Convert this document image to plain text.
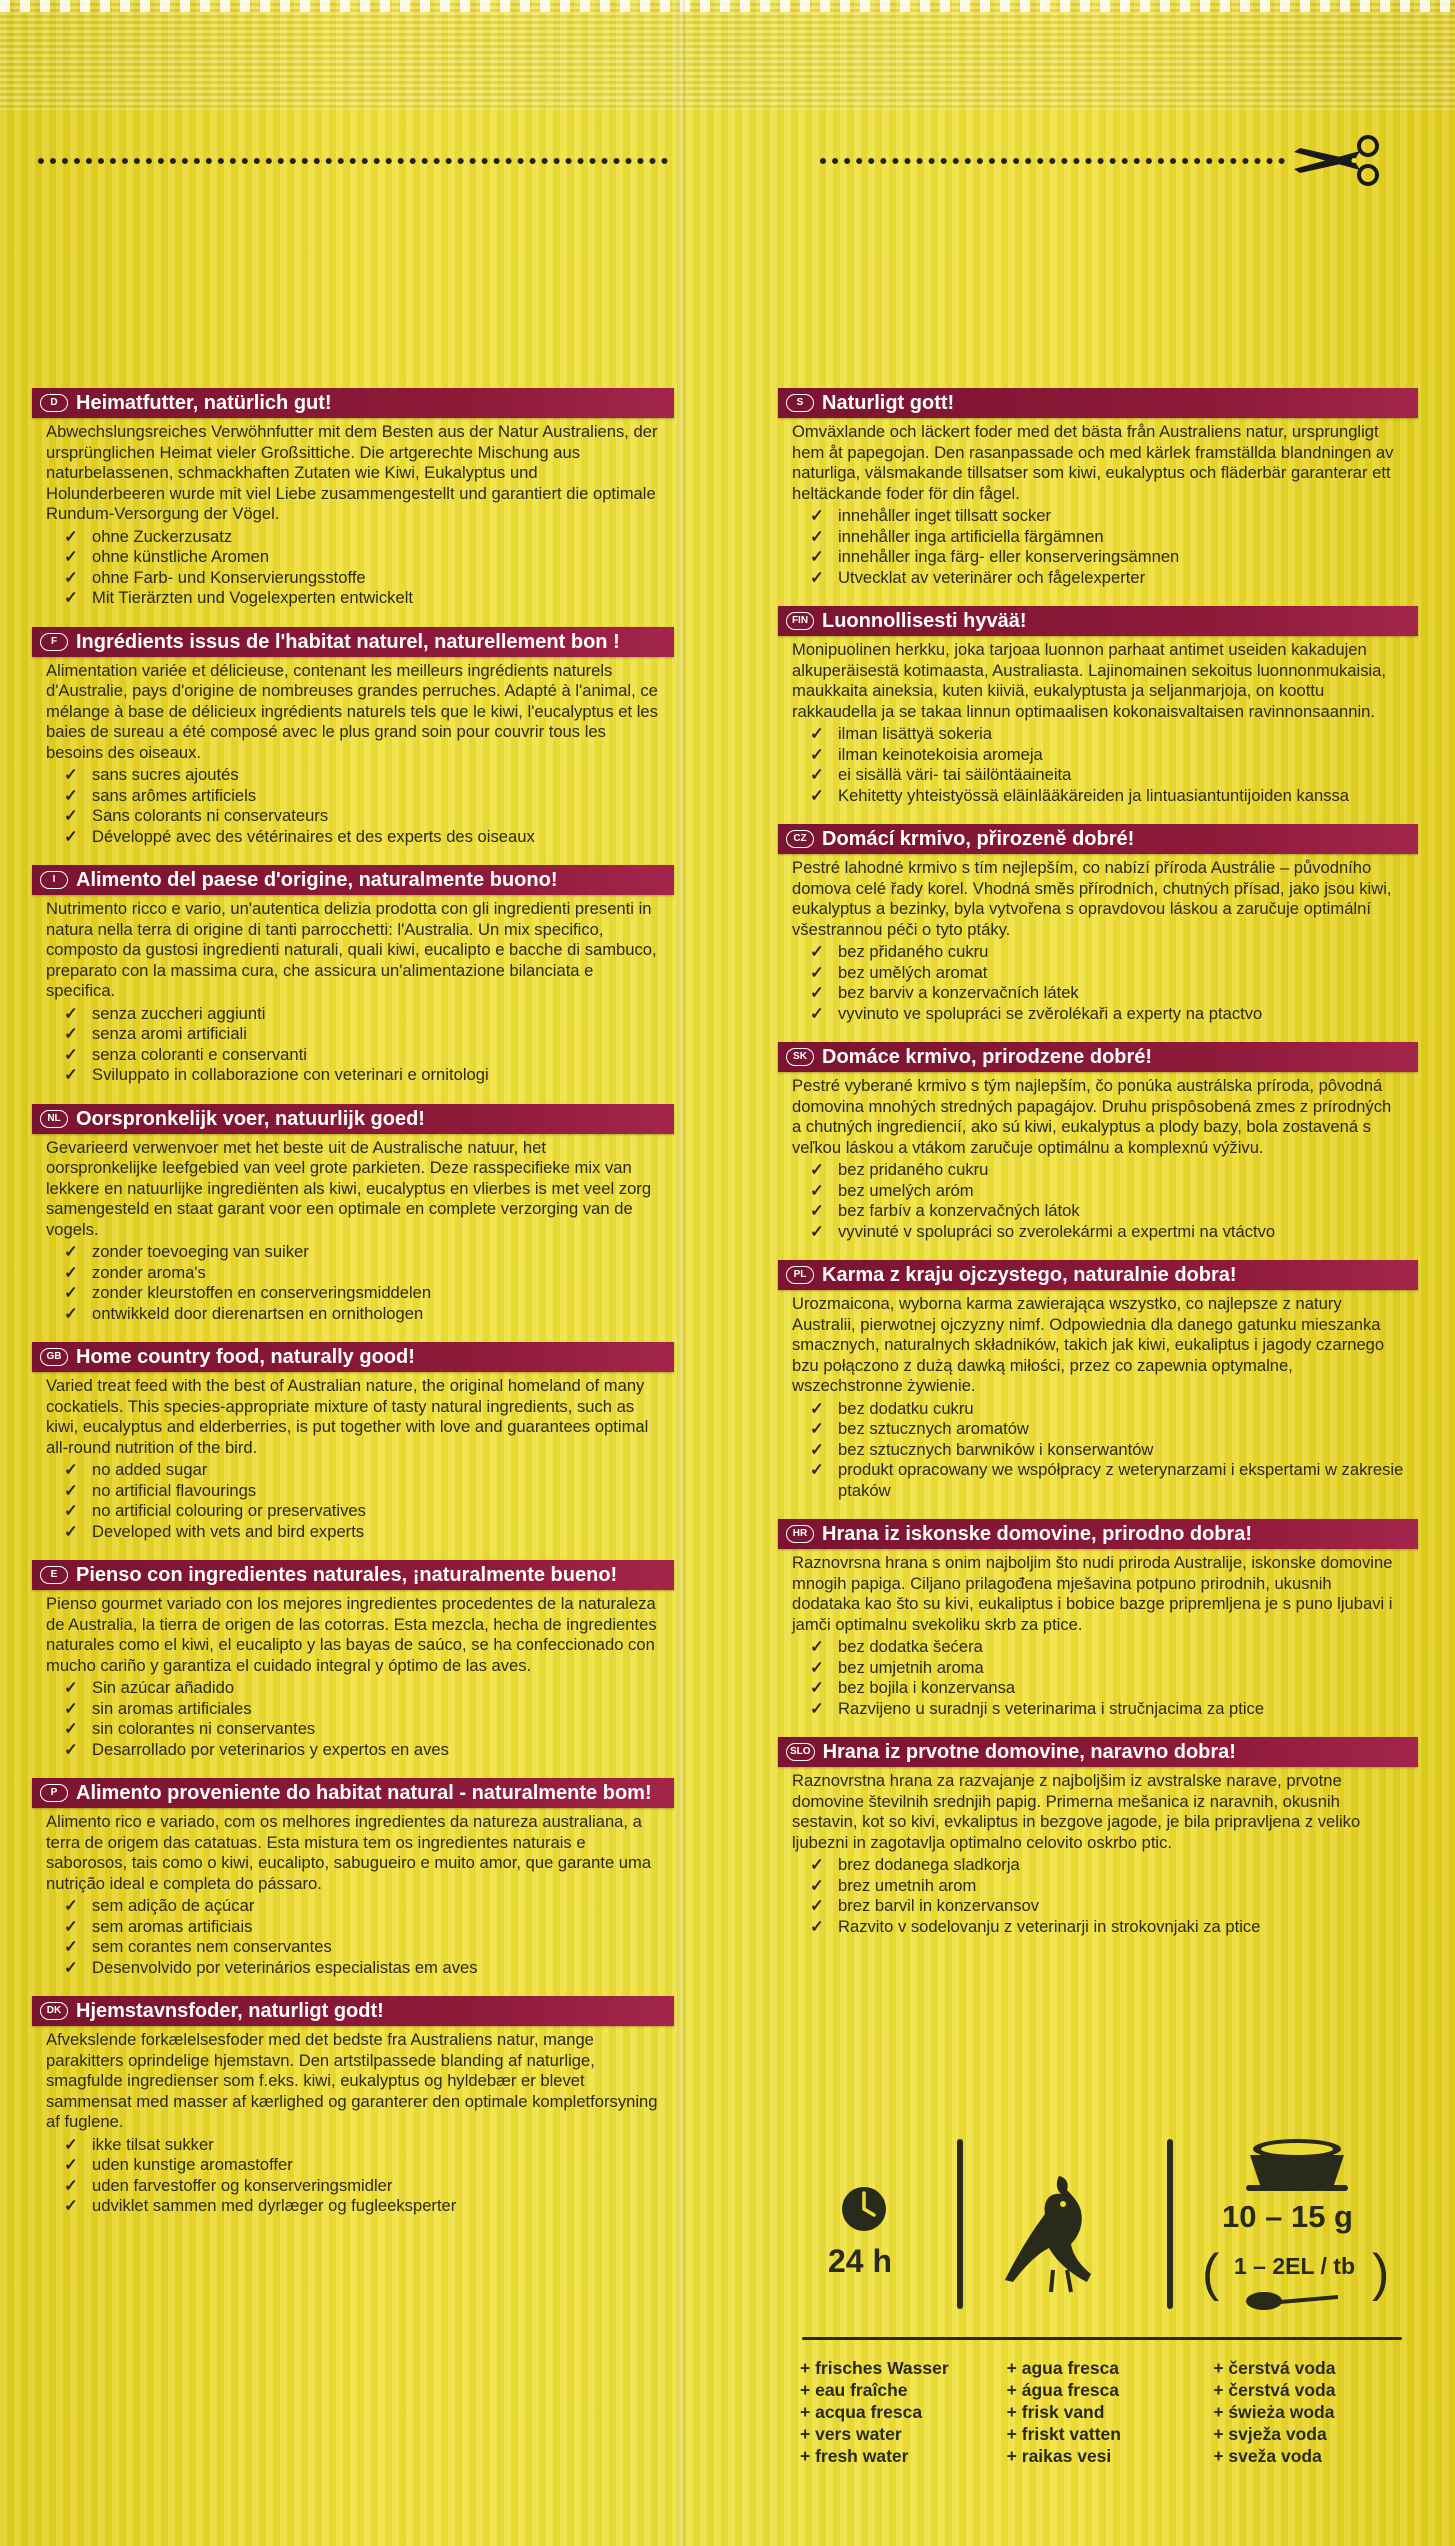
D Heimatfutter, natürlich gut!

Abwechslungsreiches Verwöhnfutter mit dem Besten aus der Natur Australiens, der ursprünglichen Heimat vieler Großsittiche. Die artgerechte Mischung aus naturbelassenen, schmackhaften Zutaten wie Kiwi, Eukalyptus und Holunderbeeren wurde mit viel Liebe zusammengestellt und garantiert die optimale Rundum-Versorgung der Vögel.

✓ ohne Zuckerzusatz
✓ ohne künstliche Aromen
✓ ohne Farb- und Konservierungsstoffe
✓ Mit Tierärzten und Vogelexperten entwickelt
F Ingrédients issus de l'habitat naturel, naturellement bon !

Alimentation variée et délicieuse, contenant les meilleurs ingrédients naturels d'Australie, pays d'origine de nombreuses grandes perruches. Adapté à l'animal, ce mélange à base de délicieux ingrédients naturels tels que le kiwi, l'eucalyptus et les baies de sureau a été composé avec le plus grand soin pour couvrir tous les besoins des oiseaux.

✓ sans sucres ajoutés
✓ sans arômes artificiels
✓ Sans colorants ni conservateurs
✓ Développé avec des vétérinaires et des experts des oiseaux
I	Alimento del paese d'origine, naturalmente buono!

Nutrimento ricco e vario, un'autentica delizia prodotta con gli ingredienti presenti in natura nella terra di origine di tanti parrocchetti: l'Australia. Un mix specifico, composto da gustosi ingredienti naturali, quali kiwi, eucalipto e bacche di sambuco, preparato con la massima cura, che assicura un'alimentazione bilanciata e specifica.

✓ senza zuccheri aggiunti
✓ senza aromi artificiali
✓ senza coloranti e conservanti
✓ Sviluppato in collaborazione con veterinari e ornitologi
NL Oorspronkelijk voer, natuurlijk goed!

Gevarieerd verwenvoer met het beste uit de Australische natuur, het oorspronkelijke leefgebied van veel grote parkieten. Deze rasspecifieke mix van lekkere en natuurlijke ingrediënten als kiwi, eucalyptus en vlierbes is met veel zorg samengesteld en staat garant voor een optimale en complete verzorging van de vogels.

✓ zonder toevoeging van suiker
✓ zonder aroma's
✓ zonder kleurstoffen en conserveringsmiddelen
✓ ontwikkeld door dierenartsen en ornithologen
GB Home country food, naturally good!

Varied treat feed with the best of Australian nature, the original homeland of many cockatiels. This species-appropriate mixture of tasty natural ingredients, such as kiwi, eucalyptus and elderberries, is put together with love and guarantees optimal all-round nutrition of the bird.

✓ no added sugar
✓ no artificial flavourings
✓ no artificial colouring or preservatives
✓ Developed with vets and bird experts
E Pienso con ingredientes naturales, ¡naturalmente bueno!

Pienso gourmet variado con los mejores ingredientes procedentes de la naturaleza de Australia, la tierra de origen de las cotorras. Esta mezcla, hecha de ingredientes naturales como el kiwi, el eucalipto y las bayas de saúco, se ha confeccionado con mucho cariño y garantiza el cuidado integral y óptimo de las aves.

✓ Sin azúcar añadido
✓ sin aromas artificiales
✓ sin colorantes ni conservantes
✓ Desarrollado por veterinarios y expertos en aves
P Alimento proveniente do habitat natural - naturalmente bom!

Alimento rico e variado, com os melhores ingredientes da natureza australiana, a terra de origem das catatuas. Esta mistura tem os ingredientes naturais e saborosos, tais como o kiwi, eucalipto, sabugueiro e muito amor, que garante uma nutrição ideal e completa do pássaro.

✓ sem adição de açúcar
✓ sem aromas artificiais
✓ sem corantes nem conservantes
✓ Desenvolvido por veterinários especialistas em aves
DK Hjemstavnsfoder, naturligt godt!

Afvekslende forkælelsesfoder med det bedste fra Australiens natur, mange parakitters oprindelige hjemstavn. Den artstilpassede blanding af naturlige, smagfulde ingredienser som f.eks. kiwi, eukalyptus og hyldebær er blevet sammensat med masser af kærlighed og garanterer den optimale kompletforsyning af fuglene.

✓ ikke tilsat sukker
✓ uden kunstige aromastoffer
✓ uden farvestoffer og konserveringsmidler
✓ udviklet sammen med dyrlæger og fugleeksperter
S Naturligt gott!

Omväxlande och läckert foder med det bästa från Australiens natur, ursprungligt hem åt papegojan. Den rasanpassade och med kärlek framställda blandningen av naturliga, välsmakande tillsatser som kiwi, eukalyptus och fläderbär garanterar ett heltäckande foder för din fågel.

✓ innehåller inget tillsatt socker
✓ innehåller inga artificiella färgämnen
✓ innehåller inga färg- eller konserveringsämnen
✓ Utvecklat av veterinärer och fågelexperter
FIN Luonnollisesti hyvää!

Monipuolinen herkku, joka tarjoaa luonnon parhaat antimet useiden kakadujen alkuperäisestä kotimaasta, Australiasta. Lajinomainen sekoitus luonnonmukaisia, maukkaita aineksia, kuten kiiviä, eukalyptusta ja seljanmarjoja, on koottu rakkaudella ja se takaa linnun optimaalisen kokonaisvaltaisen ravinnonsaannin.

✓ ilman lisättyä sokeria
✓ ilman keinotekoisia aromeja
✓ ei sisällä väri- tai säilöntäaineita
✓ Kehitetty yhteistyössä eläinlääkäreiden ja lintuasiantuntijoiden kanssa
CZ Domácí krmivo, přirozeně dobré!

Pestré lahodné krmivo s tím nejlepším, co nabízí příroda Austrálie – původního domova celé řady korel. Vhodná směs přírodních, chutných přísad, jako jsou kiwi, eukalyptus a bezinky, byla vytvořena s opravdovou láskou a zaručuje optimální všestrannou péči o tyto ptáky.

✓ bez přidaného cukru
✓ bez umělých aromat
✓ bez barviv a konzervačních látek
✓ vyvinuto ve spolupráci se zvěrolékaři a experty na ptactvo
SK Domáce krmivo, prirodzene dobré!

Pestré vyberané krmivo s tým najlepším, čo ponúka austrálska príroda, pôvodná domovina mnohých stredných papagájov. Druhu prispôsobená zmes z prírodných a chutných ingrediencií, ako sú kiwi, eukalyptus a plody bazy, bola zostavená s veľkou láskou a vtákom zaručuje optimálnu a komplexnú výživu.

✓ bez pridaného cukru
✓ bez umelých aróm
✓ bez farbív a konzervačných látok
✓ vyvinuté v spolupráci so zverolekármi a expertmi na vtáctvo
PL Karma z kraju ojczystego, naturalnie dobra!

Urozmaicona, wyborna karma zawierająca wszystko, co najlepsze z natury Australii, pierwotnej ojczyzny nimf. Odpowiednia dla danego gatunku mieszanka smacznych, naturalnych składników, takich jak kiwi, eukaliptus i jagody czarnego bzu połączono z dużą dawką miłości, przez co zapewnia optymalne, wszechstronne żywienie.

✓ bez dodatku cukru
✓ bez sztucznych aromatów
✓ bez sztucznych barwników i konserwantów
✓ produkt opracowany we współpracy z weterynarzami i ekspertami w zakresie ptaków
HR Hrana iz iskonske domovine, prirodno dobra!

Raznovrsna hrana s onim najboljim što nudi priroda Australije, iskonske domovine mnogih papiga. Ciljano prilagođena mješavina potpuno prirodnih, ukusnih dodataka kao što su kivi, eukaliptus i bobice bazge pripremljena je s puno ljubavi i jamči optimalnu svekoliku skrb za ptice.

✓ bez dodatka šećera
✓ bez umjetnih aroma
✓ bez bojila i konzervansa
✓ Razvijeno u suradnji s veterinarima i stručnjacima za ptice
SLO Hrana iz prvotne domovine, naravno dobra!

Raznovrstna hrana za razvajanje z najboljšim iz avstralske narave, prvotne domovine številnih srednjih papig. Primerna mešanica iz naravnih, okusnih sestavin, kot so kivi, evkaliptus in bezgove jagode, je bila pripravljena z veliko ljubezni in zagotavlja optimalno celovito oskrbo ptic.

✓ brez dodanega sladkorja
✓ brez umetnih arom
✓ brez barvil in konzervansov
✓ Razvito v sodelovanju z veterinarji in strokovnjaki za ptice
24 h
10 – 15 g
( 1 – 2EL / tb )
+ frisches Wasser
+ eau fraîche
+ acqua fresca
+ vers water
+ fresh water
+ agua fresca
+ água fresca
+ frisk vand
+ friskt vatten
+ raikas vesi
+ čerstvá voda
+ čerstvá voda
+ świeża woda
+ svježa voda
+ sveža voda
